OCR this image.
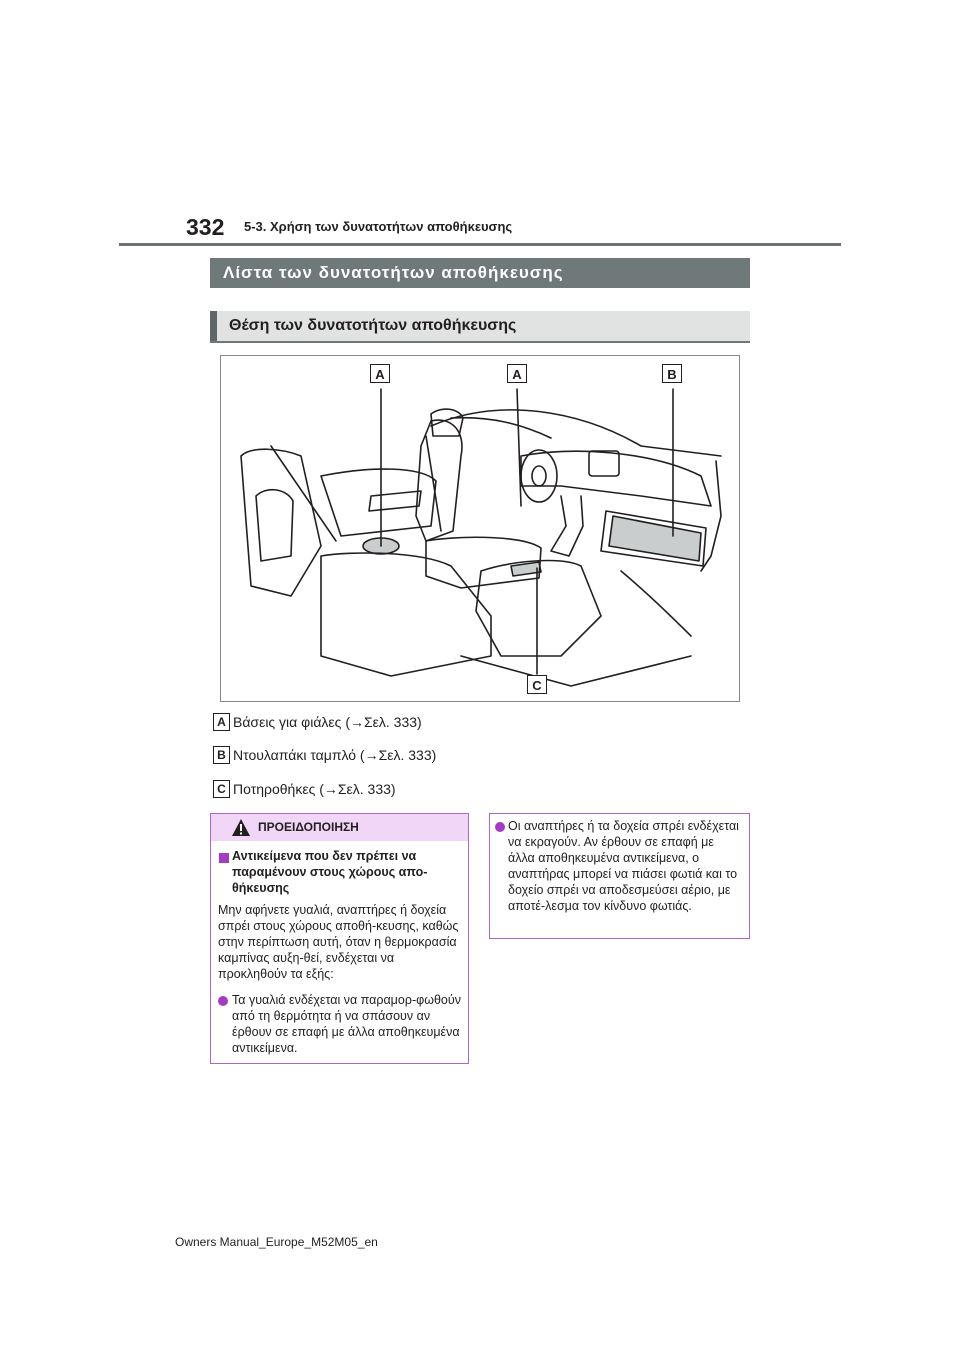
332 5-3. Χρήση των δυνατοτήτων αποθήκευσης
Λίστα των δυνατοτήτων αποθήκευσης
Θέση των δυνατοτήτων αποθήκευσης
A	A	B
C
A Βάσεις για φιάλες (→Σελ. 333)
B Ντουλαπάκι ταμπλό (→Σελ. 333)
C Ποτηροθήκες (→Σελ. 333)
ΠΡΟΕΙΔΟΠΟΙΗΣΗ
Αντικείμενα που δεν πρέπει να παραμένουν στους χώρους απο-θήκευσης
Μην αφήνετε γυαλιά, αναπτήρες ή δοχεία σπρέι στους χώρους αποθή-κευσης, καθώς στην περίπτωση αυτή, όταν η θερμοκρασία καμπίνας αυξη-θεί, ενδέχεται να προκληθούν τα εξής:
Τα γυαλιά ενδέχεται να παραμορ-φωθούν από τη θερμότητα ή να σπάσουν αν έρθουν σε επαφή με άλλα αποθηκευμένα αντικείμενα.
Οι αναπτήρες ή τα δοχεία σπρέι ενδέχεται να εκραγούν. Αν έρθουν σε επαφή με άλλα αποθηκευμένα αντικείμενα, ο αναπτήρας μπορεί να πιάσει φωτιά και το δοχείο σπρέι να αποδεσμεύσει αέριο, με αποτέ-λεσμα τον κίνδυνο φωτιάς.
Owners Manual_Europe_M52M05_en
